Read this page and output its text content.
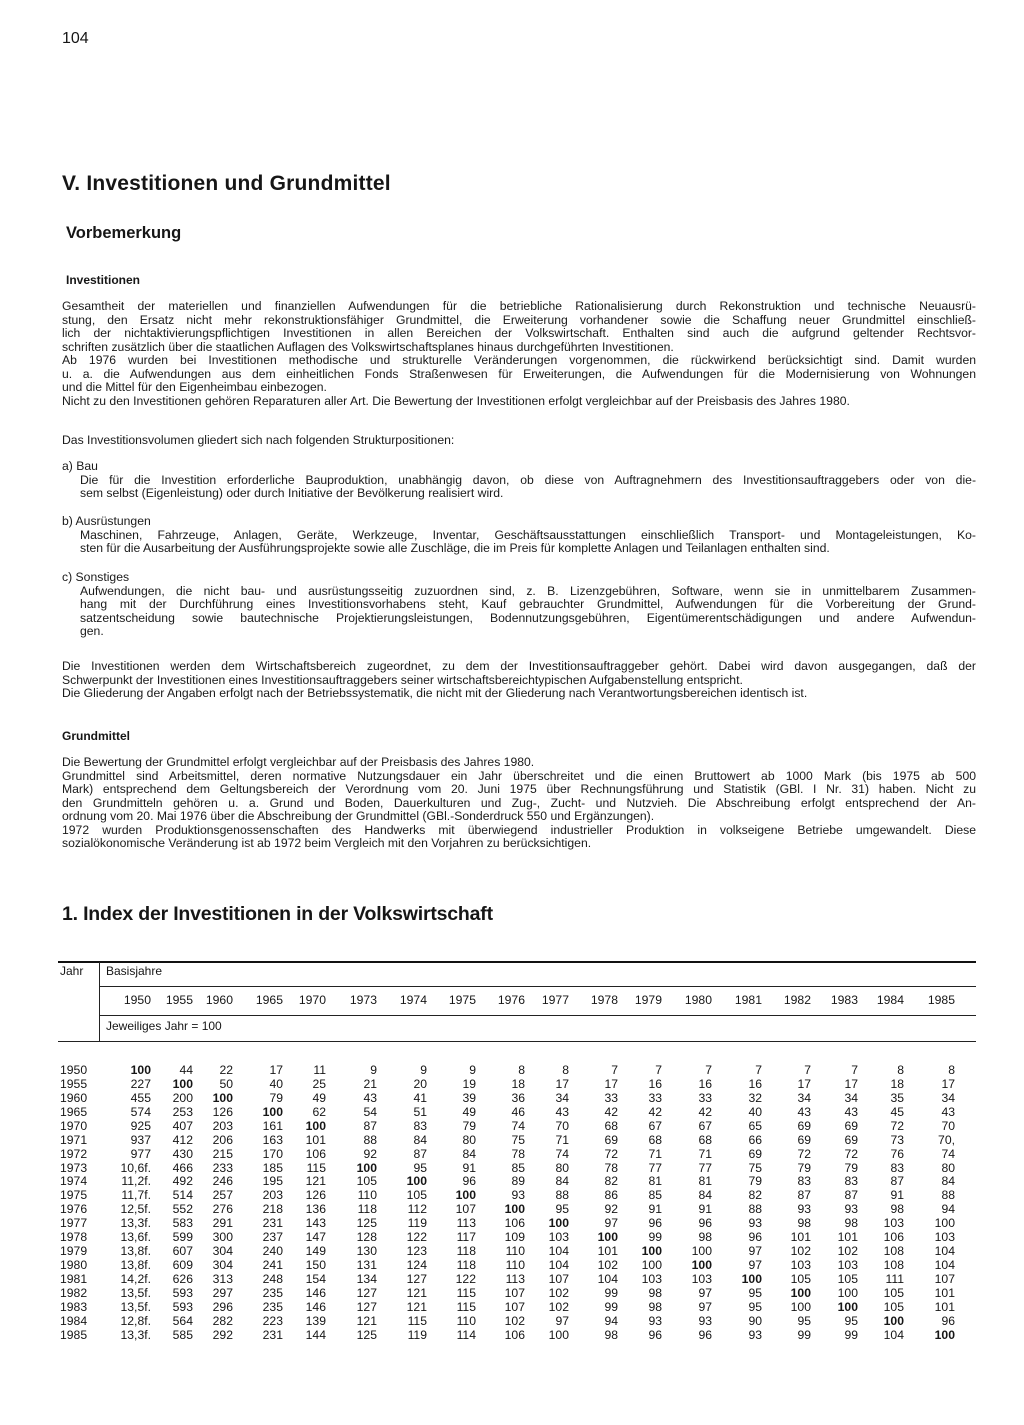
104
V. Investitionen und Grundmittel
Vorbemerkung
Investitionen

Gesamtheit der materiellen und finanziellen Aufwendungen für die betriebliche Rationalisierung durch Rekonstruktion und technische Neuausrü-

stung, den Ersatz nicht mehr rekonstruktionsfähiger Grundmittel, die Erweiterung vorhandener sowie die Schaffung neuer Grundmittel einschließ-

lich der nichtaktivierungspflichtigen Investitionen in allen Bereichen der Volkswirtschaft. Enthalten sind auch die aufgrund geltender Rechtsvor-

schriften zusätzlich über die staatlichen Auflagen des Volkswirtschaftsplanes hinaus durchgeführten Investitionen.

Ab 1976 wurden bei Investitionen methodische und strukturelle Veränderungen vorgenommen, die rückwirkend berücksichtigt sind. Damit wurden

u. a. die Aufwendungen aus dem einheitlichen Fonds Straßenwesen für Erweiterungen, die Aufwendungen für die Modernisierung von Wohnungen

und die Mittel für den Eigenheimbau einbezogen.

Nicht zu den Investitionen gehören Reparaturen aller Art. Die Bewertung der Investitionen erfolgt vergleichbar auf der Preisbasis des Jahres 1980.

Das Investitionsvolumen gliedert sich nach folgenden Strukturpositionen:

a) Bau

Die für die Investition erforderliche Bauproduktion, unabhängig davon, ob diese von Auftragnehmern des Investitionsauftraggebers oder von die-

sem selbst (Eigenleistung) oder durch Initiative der Bevölkerung realisiert wird.

b) Ausrüstungen

Maschinen, Fahrzeuge, Anlagen, Geräte, Werkzeuge, Inventar, Geschäftsausstattungen einschließlich Transport- und Montageleistungen, Ko-

sten für die Ausarbeitung der Ausführungsprojekte sowie alle Zuschläge, die im Preis für komplette Anlagen und Teilanlagen enthalten sind.

c) Sonstiges

Aufwendungen, die nicht bau- und ausrüstungsseitig zuzuordnen sind, z. B. Lizenzgebühren, Software, wenn sie in unmittelbarem Zusammen-

hang mit der Durchführung eines Investitionsvorhabens steht, Kauf gebrauchter Grundmittel, Aufwendungen für die Vorbereitung der Grund-

satzentscheidung sowie bautechnische Projektierungsleistungen, Bodennutzungsgebühren, Eigentümerentschädigungen und andere Aufwendun-

gen.

Die Investitionen werden dem Wirtschaftsbereich zugeordnet, zu dem der Investitionsauftraggeber gehört. Dabei wird davon ausgegangen, daß der

Schwerpunkt der Investitionen eines Investitionsauftraggebers seiner wirtschaftsbereichtypischen Aufgabenstellung entspricht.

Die Gliederung der Angaben erfolgt nach der Betriebssystematik, die nicht mit der Gliederung nach Verantwortungsbereichen identisch ist.

Grundmittel

Die Bewertung der Grundmittel erfolgt vergleichbar auf der Preisbasis des Jahres 1980.

Grundmittel sind Arbeitsmittel, deren normative Nutzungsdauer ein Jahr überschreitet und die einen Bruttowert ab 1000 Mark (bis 1975 ab 500

Mark) entsprechend dem Geltungsbereich der Verordnung vom 20. Juni 1975 über Rechnungsführung und Statistik (GBl. I Nr. 31) haben. Nicht zu

den Grundmitteln gehören u. a. Grund und Boden, Dauerkulturen und Zug-, Zucht- und Nutzvieh. Die Abschreibung erfolgt entsprechend der An-

ordnung vom 20. Mai 1976 über die Abschreibung der Grundmittel (GBl.-Sonderdruck 550 und Ergänzungen).

1972 wurden Produktionsgenossenschaften des Handwerks mit überwiegend industrieller Produktion in volkseigene Betriebe umgewandelt. Diese

sozialökonomische Veränderung ist ab 1972 beim Vergleich mit den Vorjahren zu berücksichtigen.

1. Index der Investitionen in der Volkswirtschaft
Jahr Basisjahre
Jeweiliges Jahr = 100
1950	1955	1960	1965	1970	1973	1974	1975	1976	1977	1978	1979	1980	1981	1982	1983	1984	1985
1950	100	44	22	17	11	9	9	9	8	8	7	7	7	7	7	7	8	8
1955	227	100	50	40	25	21	20	19	18	17	17	16	16	16	17	17	18	17
1960	455	200	100	79	49	43	41	39	36	34	33	33	33	32	34	34	35	34
1965	574	253	126	100	62	54	51	49	46	43	42	42	42	40	43	43	45	43
1970	925	407	203	161	100	87	83	79	74	70	68	67	67	65	69	69	72	70
1971	937	412	206	163	101	88	84	80	75	71	69	68	68	66	69	69	73	70,
1972	977	430	215	170	106	92	87	84	78	74	72	71	71	69	72	72	76	74
1973	10,6f.	466	233	185	115	100	95	91	85	80	78	77	77	75	79	79	83	80
1974	11,2f.	492	246	195	121	105	100	96	89	84	82	81	81	79	83	83	87	84
1975	11,7f.	514	257	203	126	110	105	100	93	88	86	85	84	82	87	87	91	88
1976	12,5f.	552	276	218	136	118	112	107	100	95	92	91	91	88	93	93	98	94
1977	13,3f.	583	291	231	143	125	119	113	106	100	97	96	96	93	98	98	103	100
1978	13,6f.	599	300	237	147	128	122	117	109	103	100	99	98	96	101	101	106	103
1979	13,8f.	607	304	240	149	130	123	118	110	104	101	100	100	97	102	102	108	104
1980	13,8f.	609	304	241	150	131	124	118	110	104	102	100	100	97	103	103	108	104
1981	14,2f.	626	313	248	154	134	127	122	113	107	104	103	103	100	105	105	111	107
1982	13,5f.	593	297	235	146	127	121	115	107	102	99	98	97	95	100	100	105	101
1983	13,5f.	593	296	235	146	127	121	115	107	102	99	98	97	95	100	100	105	101
1984	12,8f.	564	282	223	139	121	115	110	102	97	94	93	93	90	95	95	100	96
1985	13,3f.	585	292	231	144	125	119	114	106	100	98	96	96	93	99	99	104	100
